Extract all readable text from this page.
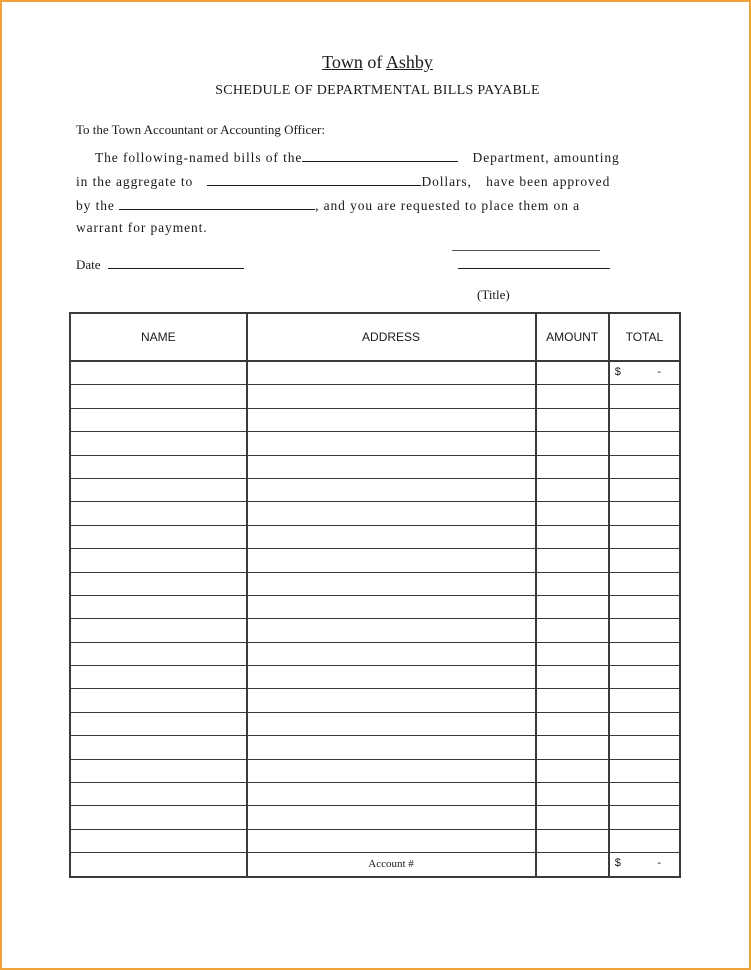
Town of Ashby
SCHEDULE OF DEPARTMENTAL BILLS PAYABLE
To the Town Accountant or Accounting Officer:
The following-named bills of the	Department, amounting
in the aggregate to	Dollars, have been approved
by the	, and you are requested to place them on a
warrant for payment.
Date
(Title)
NAME	ADDRESS	AMOUNT	TOTAL

			$ -

	Account #		$ -
